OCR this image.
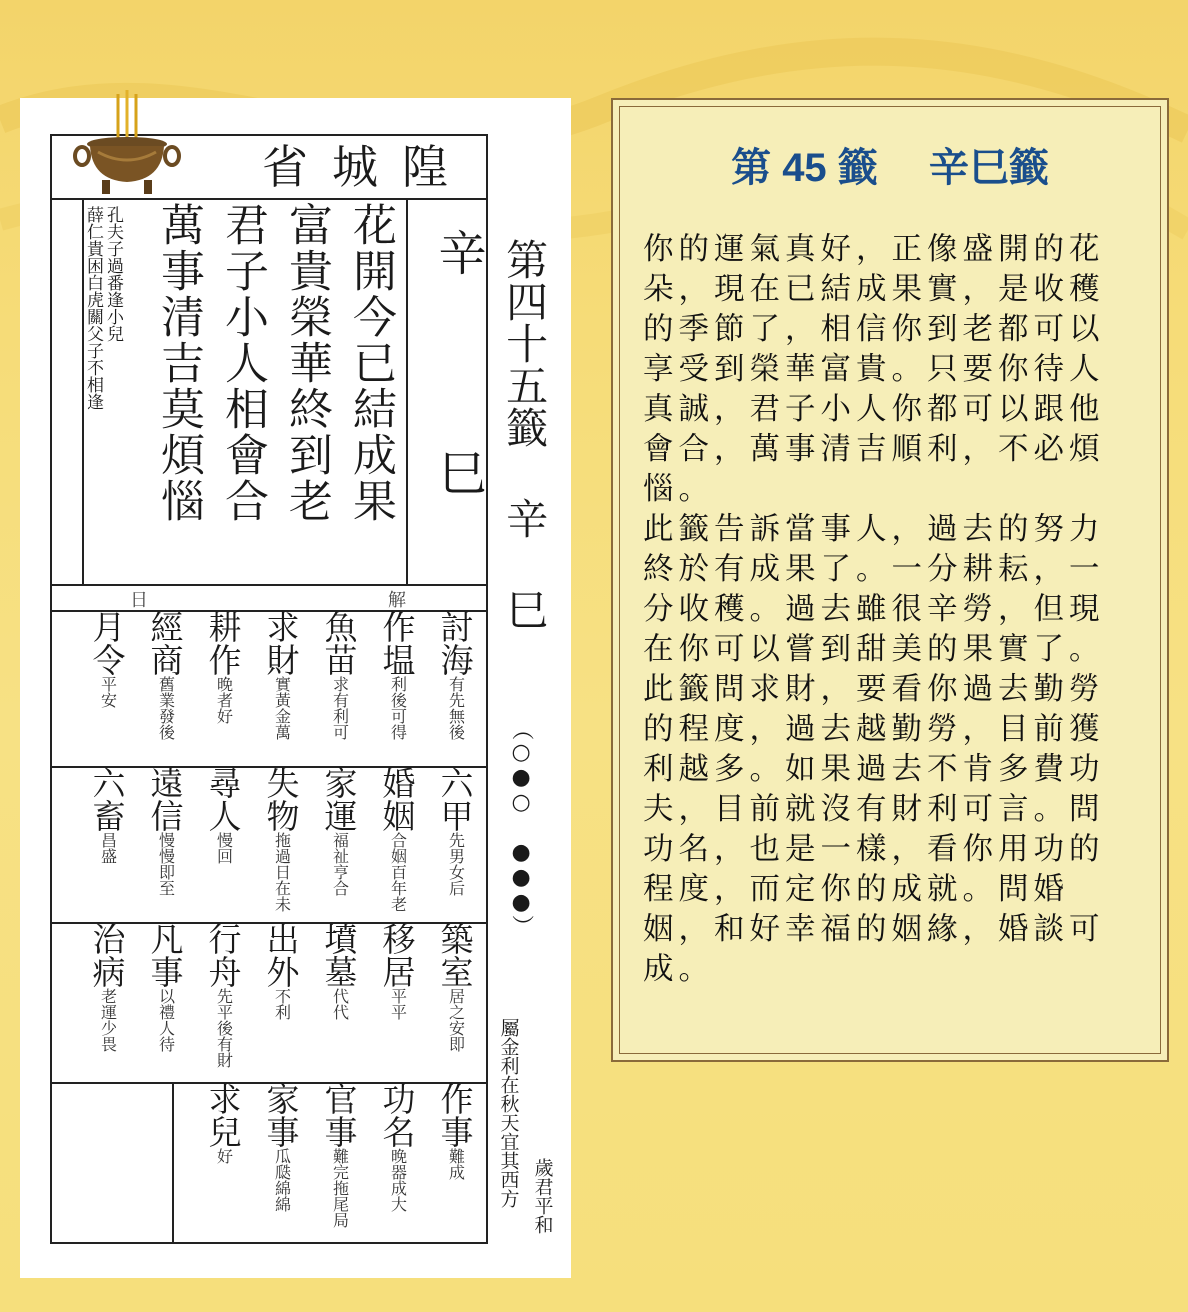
省城隍
辛
巳
花開今已結成果
富貴榮華終到老
君子小人相會合
萬事清吉莫煩惱
孔夫子過番逢小兒
薛仁貴困白虎關父子不相逢
解
日
討海
有先無後
作塭
利後可得
魚苗
求有利可
求財
實黃金萬
耕作
晚者好
經商
舊業發後
月令
平安
六甲
先男女后
婚姻
合姻百年老
家運
福祉亨合
失物
拖過日在未
尋人
慢回
遠信
慢慢即至
六畜
昌盛
築室
居之安即
移居
平平
墳墓
代代
出外
不利
行舟
先平後有財
凡事
以禮人待
治病
老運少畏
作事
難成
功名
晚器成大
官事
難完拖尾局
家事
瓜瓞綿綿
求兒
好
第四十五籤 辛 巳
（○●○ ●●●）
屬金利在秋天宜其西方 歲君平和
第 45 籤　 辛巳籤

你的運氣真好，正像盛開的花朵，現在已結成果實，是收穫的季節了，相信你到老都可以享受到榮華富貴。只要你待人真誠，君子小人你都可以跟他會合，萬事清吉順利，不必煩惱。

此籤告訴當事人，過去的努力終於有成果了。一分耕耘，一分收穫。過去雖很辛勞，但現在你可以嘗到甜美的果實了。

此籤問求財，要看你過去勤勞的程度，過去越勤勞，目前獲利越多。如果過去不肯多費功夫，目前就沒有財利可言。問功名，也是一樣，看你用功的程度，而定你的成就。問婚姻，和好幸福的姻緣，婚談可成。
